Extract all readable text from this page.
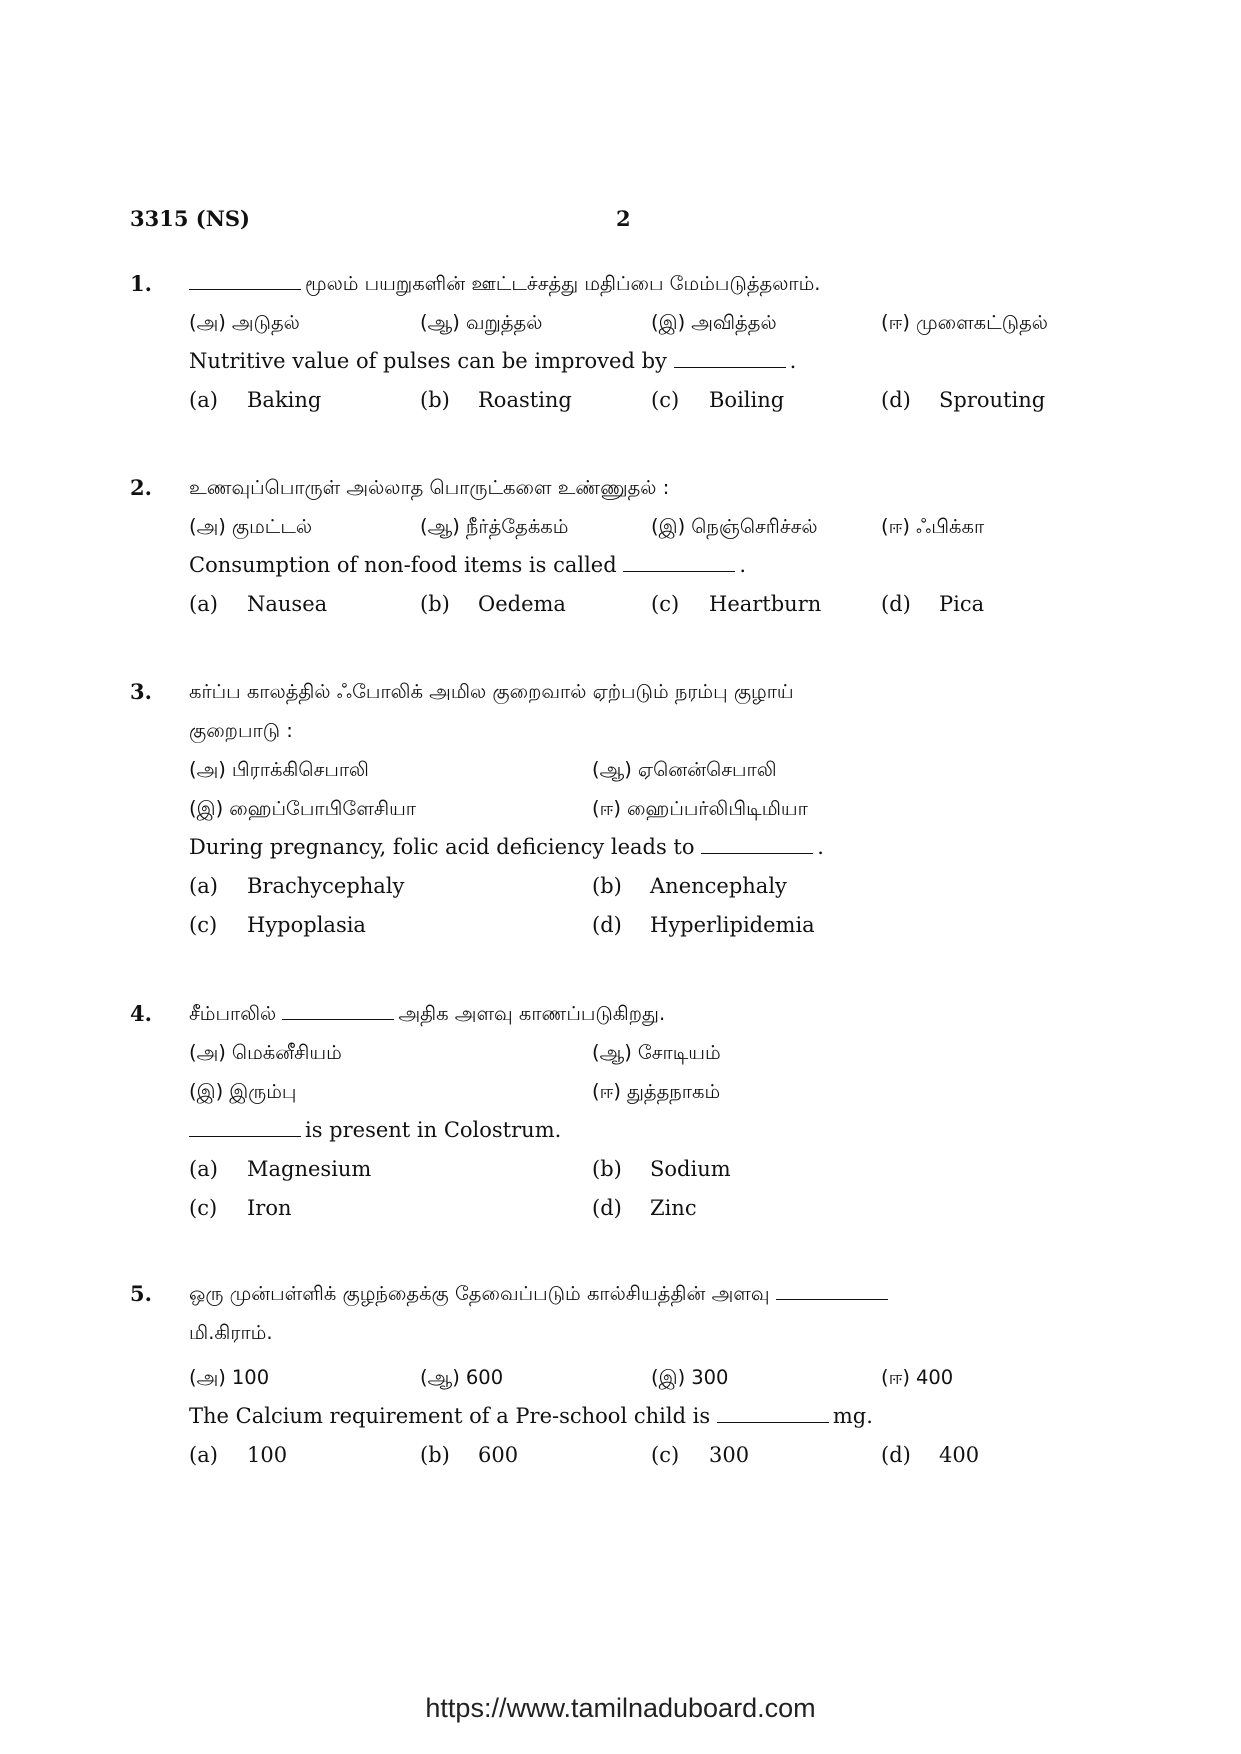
3315 (NS)	2
1.	மூலம் பயறுகளின் ஊட்டச்சத்து மதிப்பை மேம்படுத்தலாம்.
(அ) அடுதல்	(ஆ) வறுத்தல்	(இ) அவித்தல்	(ஈ) முளைகட்டுதல்
Nutritive value of pulses can be improved by	.
(a) Baking	(b) Roasting	(c) Boiling	(d) Sprouting
2. உணவுப்பொருள் அல்லாத பொருட்களை உண்ணுதல் :
(அ) குமட்டல்	(ஆ) நீர்த்தேக்கம்	(இ) நெஞ்செரிச்சல்	(ஈ) ஃபிக்கா
Consumption of non-food items is called	.
(a) Nausea	(b) Oedema	(c) Heartburn	(d) Pica
3. கர்ப்ப காலத்தில் ஃபோலிக் அமில குறைவால் ஏற்படும் நரம்பு குழாய்
குறைபாடு :
(அ) பிராக்கிசெபாலி	(ஆ) ஏனென்செபாலி
(இ) ஹைப்போபிளேசியா	(ஈ) ஹைப்பர்லிபிடிமியா
During pregnancy, folic acid deficiency leads to	.
(a) Brachycephaly	(b) Anencephaly
(c) Hypoplasia	(d) Hyperlipidemia
4. சீம்பாலில்	அதிக அளவு காணப்படுகிறது.
(அ) மெக்னீசியம்	(ஆ) சோடியம்
(இ) இரும்பு	(ஈ) துத்தநாகம்
is present in Colostrum.
(a) Magnesium	(b) Sodium
(c) Iron	(d) Zinc
5. ஒரு முன்பள்ளிக் குழந்தைக்கு தேவைப்படும் கால்சியத்தின் அளவு
மி.கிராம்.
(அ) 100	(ஆ) 600	(இ) 300	(ஈ) 400
The Calcium requirement of a Pre-school child is	mg.
(a) 100	(b) 600	(c) 300	(d) 400
https://www.tamilnaduboard.com
